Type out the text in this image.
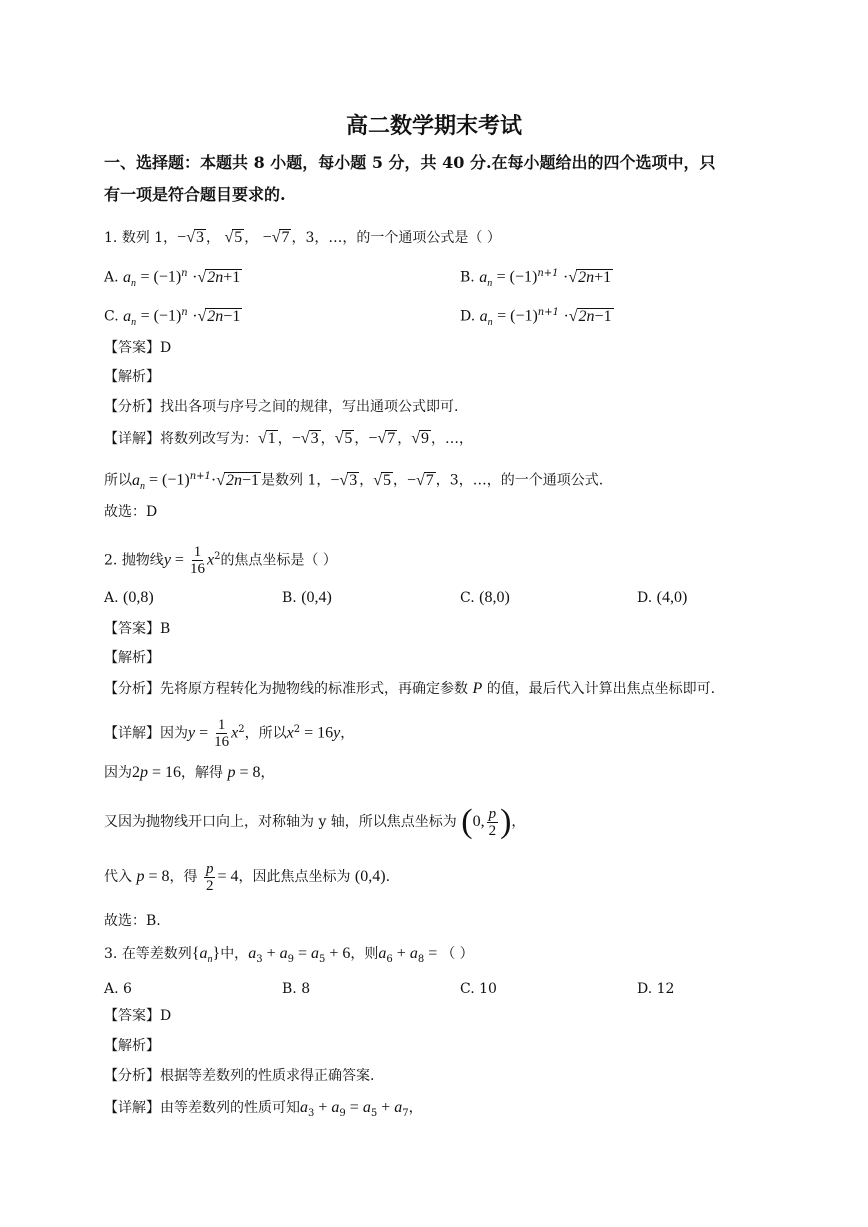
高二数学期末考试
一、选择题：本题共 8 小题，每小题 5 分，共 40 分.在每小题给出的四个选项中，只
有一项是符合题目要求的.
1. 数列 1，−√3 ， √5 ， −√7 ，3，…，的一个通项公式是（ ）
A. $a_n = (-1)^n \cdot√2n+1$	B. $a_n = (-1)^{n+1} \cdot√2n+1$
C. $a_n = (-1)^n \cdot√2n-1$	D. $a_n = (-1)^{n+1} \cdot√2n-1$
【答案】D
【解析】
【分析】找出各项与序号之间的规律，写出通项公式即可.
【详解】将数列改写为：√1 ，−√3 ，√5 ，−√7 ，√9 ，…，
所以$a_n = (-1)^{n+1}\cdot√2n-1$ 是数列 1，−√3 ，√5 ，−√7 ，3，…，的一个通项公式.
故选：D
2. 抛物线$y = \frac{1}{16} x^2$的焦点坐标是（ ）
A. (0,8)	B. (0,4)	C. (8,0)	D. (4,0)
【答案】B
【解析】
【分析】先将原方程转化为抛物线的标准形式，再确定参数 P 的值，最后代入计算出焦点坐标即可.
【详解】因为$y = \frac{1}{16} x^2$，所以$x^2 = 16y$，
因为2p = 16，解得 p = 8，
又因为抛物线开口向上，对称轴为 y 轴，所以焦点坐标为 (0, $\frac{p}{2}$ )，
代入 p = 8，得 $\frac{p}{2} = 4$，因此焦点坐标为 (0,4).
故选：B.
3. 在等差数列$\{a_n\}$中，$a_3 + a_9 = a_5 + 6$，则$a_6 + a_8$ = （ ）
A. 6	B. 8	C. 10	D. 12
【答案】D
【解析】
【分析】根据等差数列的性质求得正确答案.
【详解】由等差数列的性质可知$a_3 + a_9 = a_5 + a_7$，
